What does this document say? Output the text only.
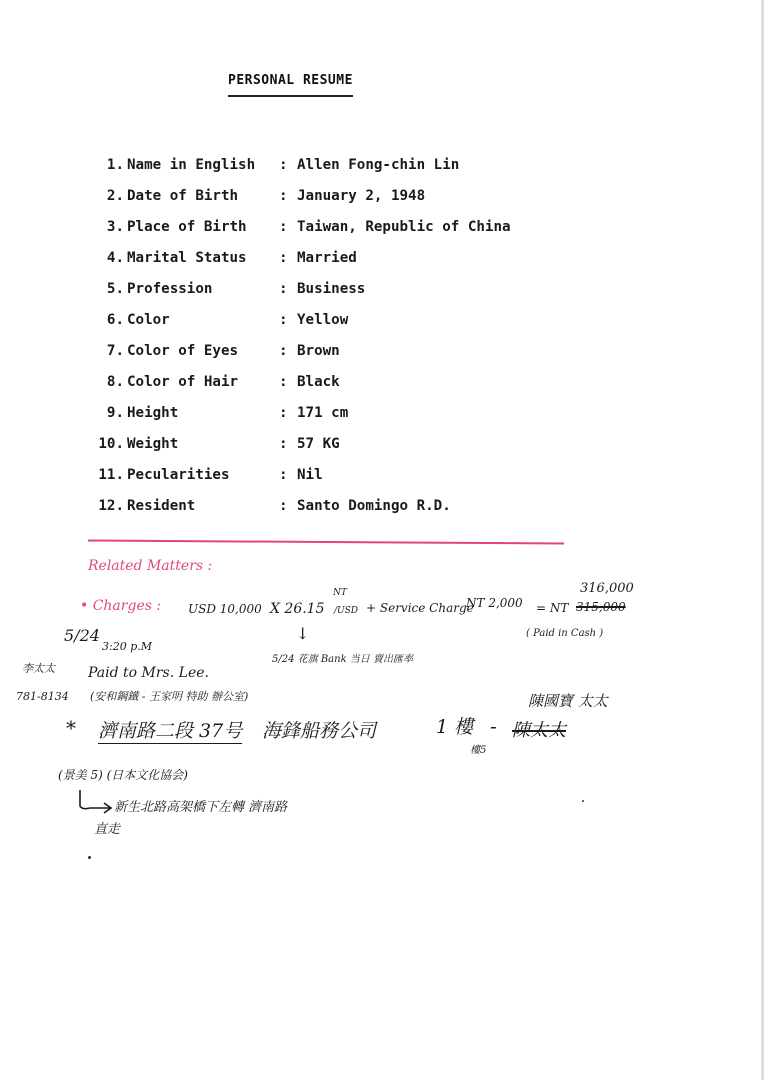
PERSONAL RESUME
1. Name in English	: Allen Fong-chin Lin
2. Date of Birth	: January 2, 1948
3. Place of Birth	: Taiwan, Republic of China
4. Marital Status	: Married
5. Profession	: Business
6. Color	: Yellow
7. Color of Eyes	: Brown
8. Color of Hair	: Black
9. Height	: 171 cm
10. Weight	: 57 KG
11. Pecularities	: Nil
12. Resident	: Santo Domingo R.D.
Related Matters :
• Charges : USD 10,000 X 26.15
NT
/USD + Service Charge
NT 2,000 = NT 315,000
316,000
( Paid in Cash )
5/24
3:20 p.M
↓
5/24 花旗 Bank 当日 賣出匯率
李太太 Paid to Mrs. Lee.
781-8134 (安和鋼鐵 - 王家明 特助 辦公室)
* 濟南路二段 37号 海鋒船務公司	1 樓 - 陳太太
陳國寶 太太
樓5
(景美 5) (日本文化協会)
新生北路高架橋下左轉 濟南路
直走
